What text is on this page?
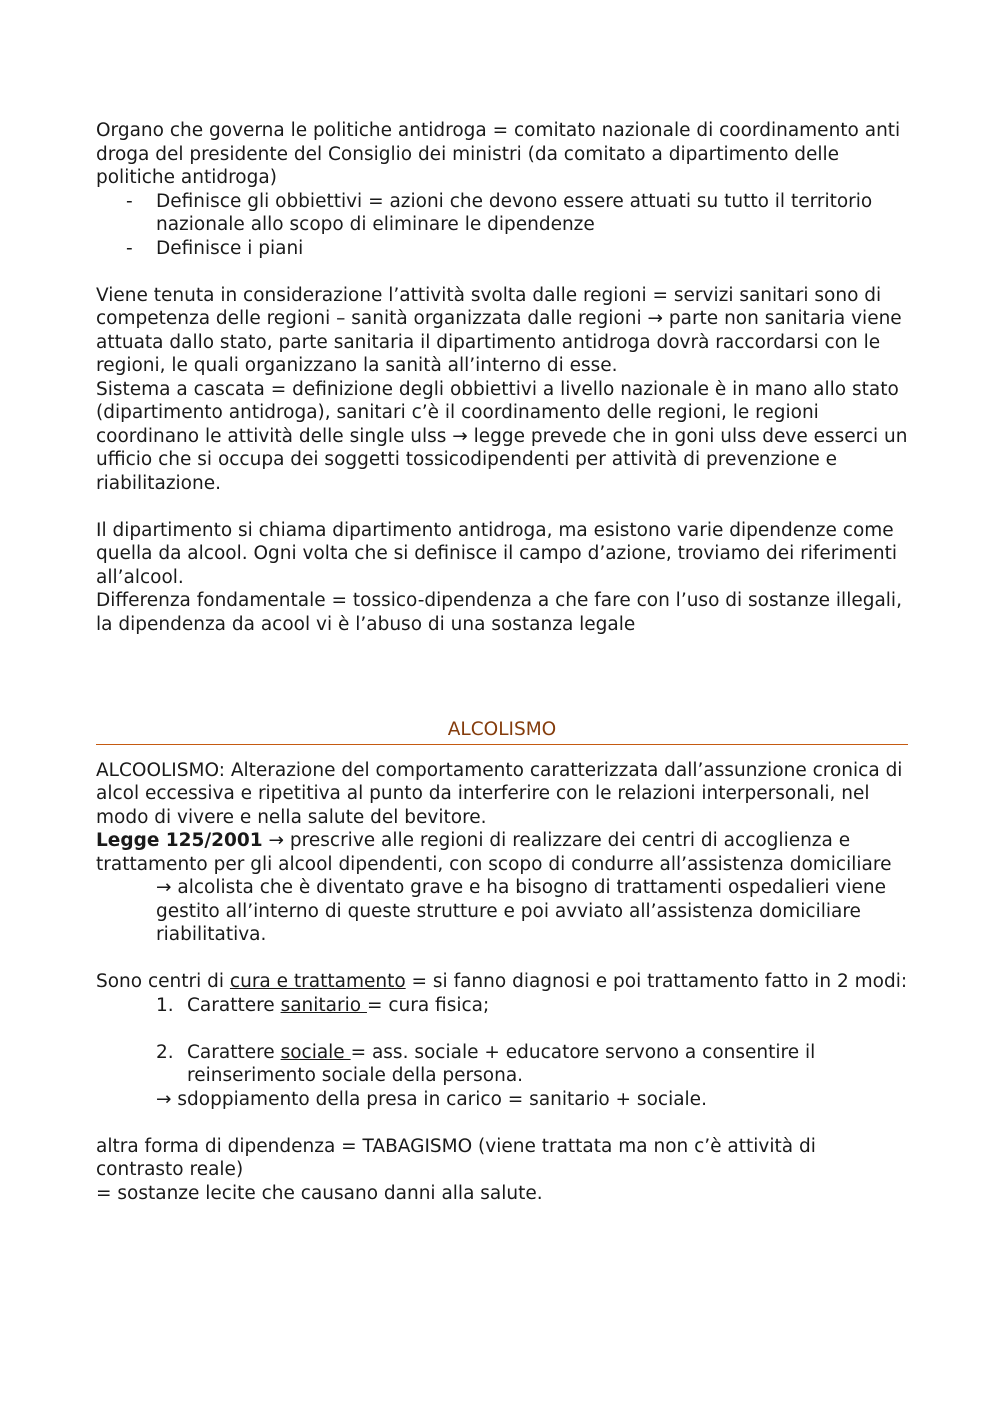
Organo che governa le politiche antidroga = comitato nazionale di coordinamento anti droga del presidente del Consiglio dei ministri (da comitato a dipartimento delle politiche antidroga)

- Definisce gli obbiettivi = azioni che devono essere attuati su tutto il territorio nazionale allo scopo di eliminare le dipendenze
- Definisce i piani

Viene tenuta in considerazione l’attività svolta dalle regioni = servizi sanitari sono di competenza delle regioni – sanità organizzata dalle regioni → parte non sanitaria viene attuata dallo stato, parte sanitaria il dipartimento antidroga dovrà raccordarsi con le regioni, le quali organizzano la sanità all’interno di esse.

Sistema a cascata = definizione degli obbiettivi a livello nazionale è in mano allo stato (dipartimento antidroga), sanitari c’è il coordinamento delle regioni, le regioni coordinano le attività delle single ulss → legge prevede che in goni ulss deve esserci un ufficio che si occupa dei soggetti tossicodipendenti per attività di prevenzione e riabilitazione.

Il dipartimento si chiama dipartimento antidroga, ma esistono varie dipendenze come quella da alcool. Ogni volta che si definisce il campo d’azione, troviamo dei riferimenti all’alcool.

Differenza fondamentale = tossico-dipendenza a che fare con l’uso di sostanze illegali, la dipendenza da acool vi è l’abuso di una sostanza legale

ALCOLISMO

ALCOOLISMO: Alterazione del comportamento caratterizzata dall’assunzione cronica di alcol eccessiva e ripetitiva al punto da interferire con le relazioni interpersonali, nel modo di vivere e nella salute del bevitore.

Legge 125/2001 → prescrive alle regioni di realizzare dei centri di accoglienza e trattamento per gli alcool dipendenti, con scopo di condurre all’assistenza domiciliare

→ alcolista che è diventato grave e ha bisogno di trattamenti ospedalieri viene gestito all’interno di queste strutture e poi avviato all’assistenza domiciliare riabilitativa.

Sono centri di cura e trattamento = si fanno diagnosi e poi trattamento fatto in 2 modi:

1. Carattere sanitario = cura fisica;
2. Carattere sociale = ass. sociale + educatore servono a consentire il reinserimento sociale della persona.

→ sdoppiamento della presa in carico = sanitario + sociale.

altra forma di dipendenza = TABAGISMO (viene trattata ma non c’è attività di contrasto reale)

= sostanze lecite che causano danni alla salute.
